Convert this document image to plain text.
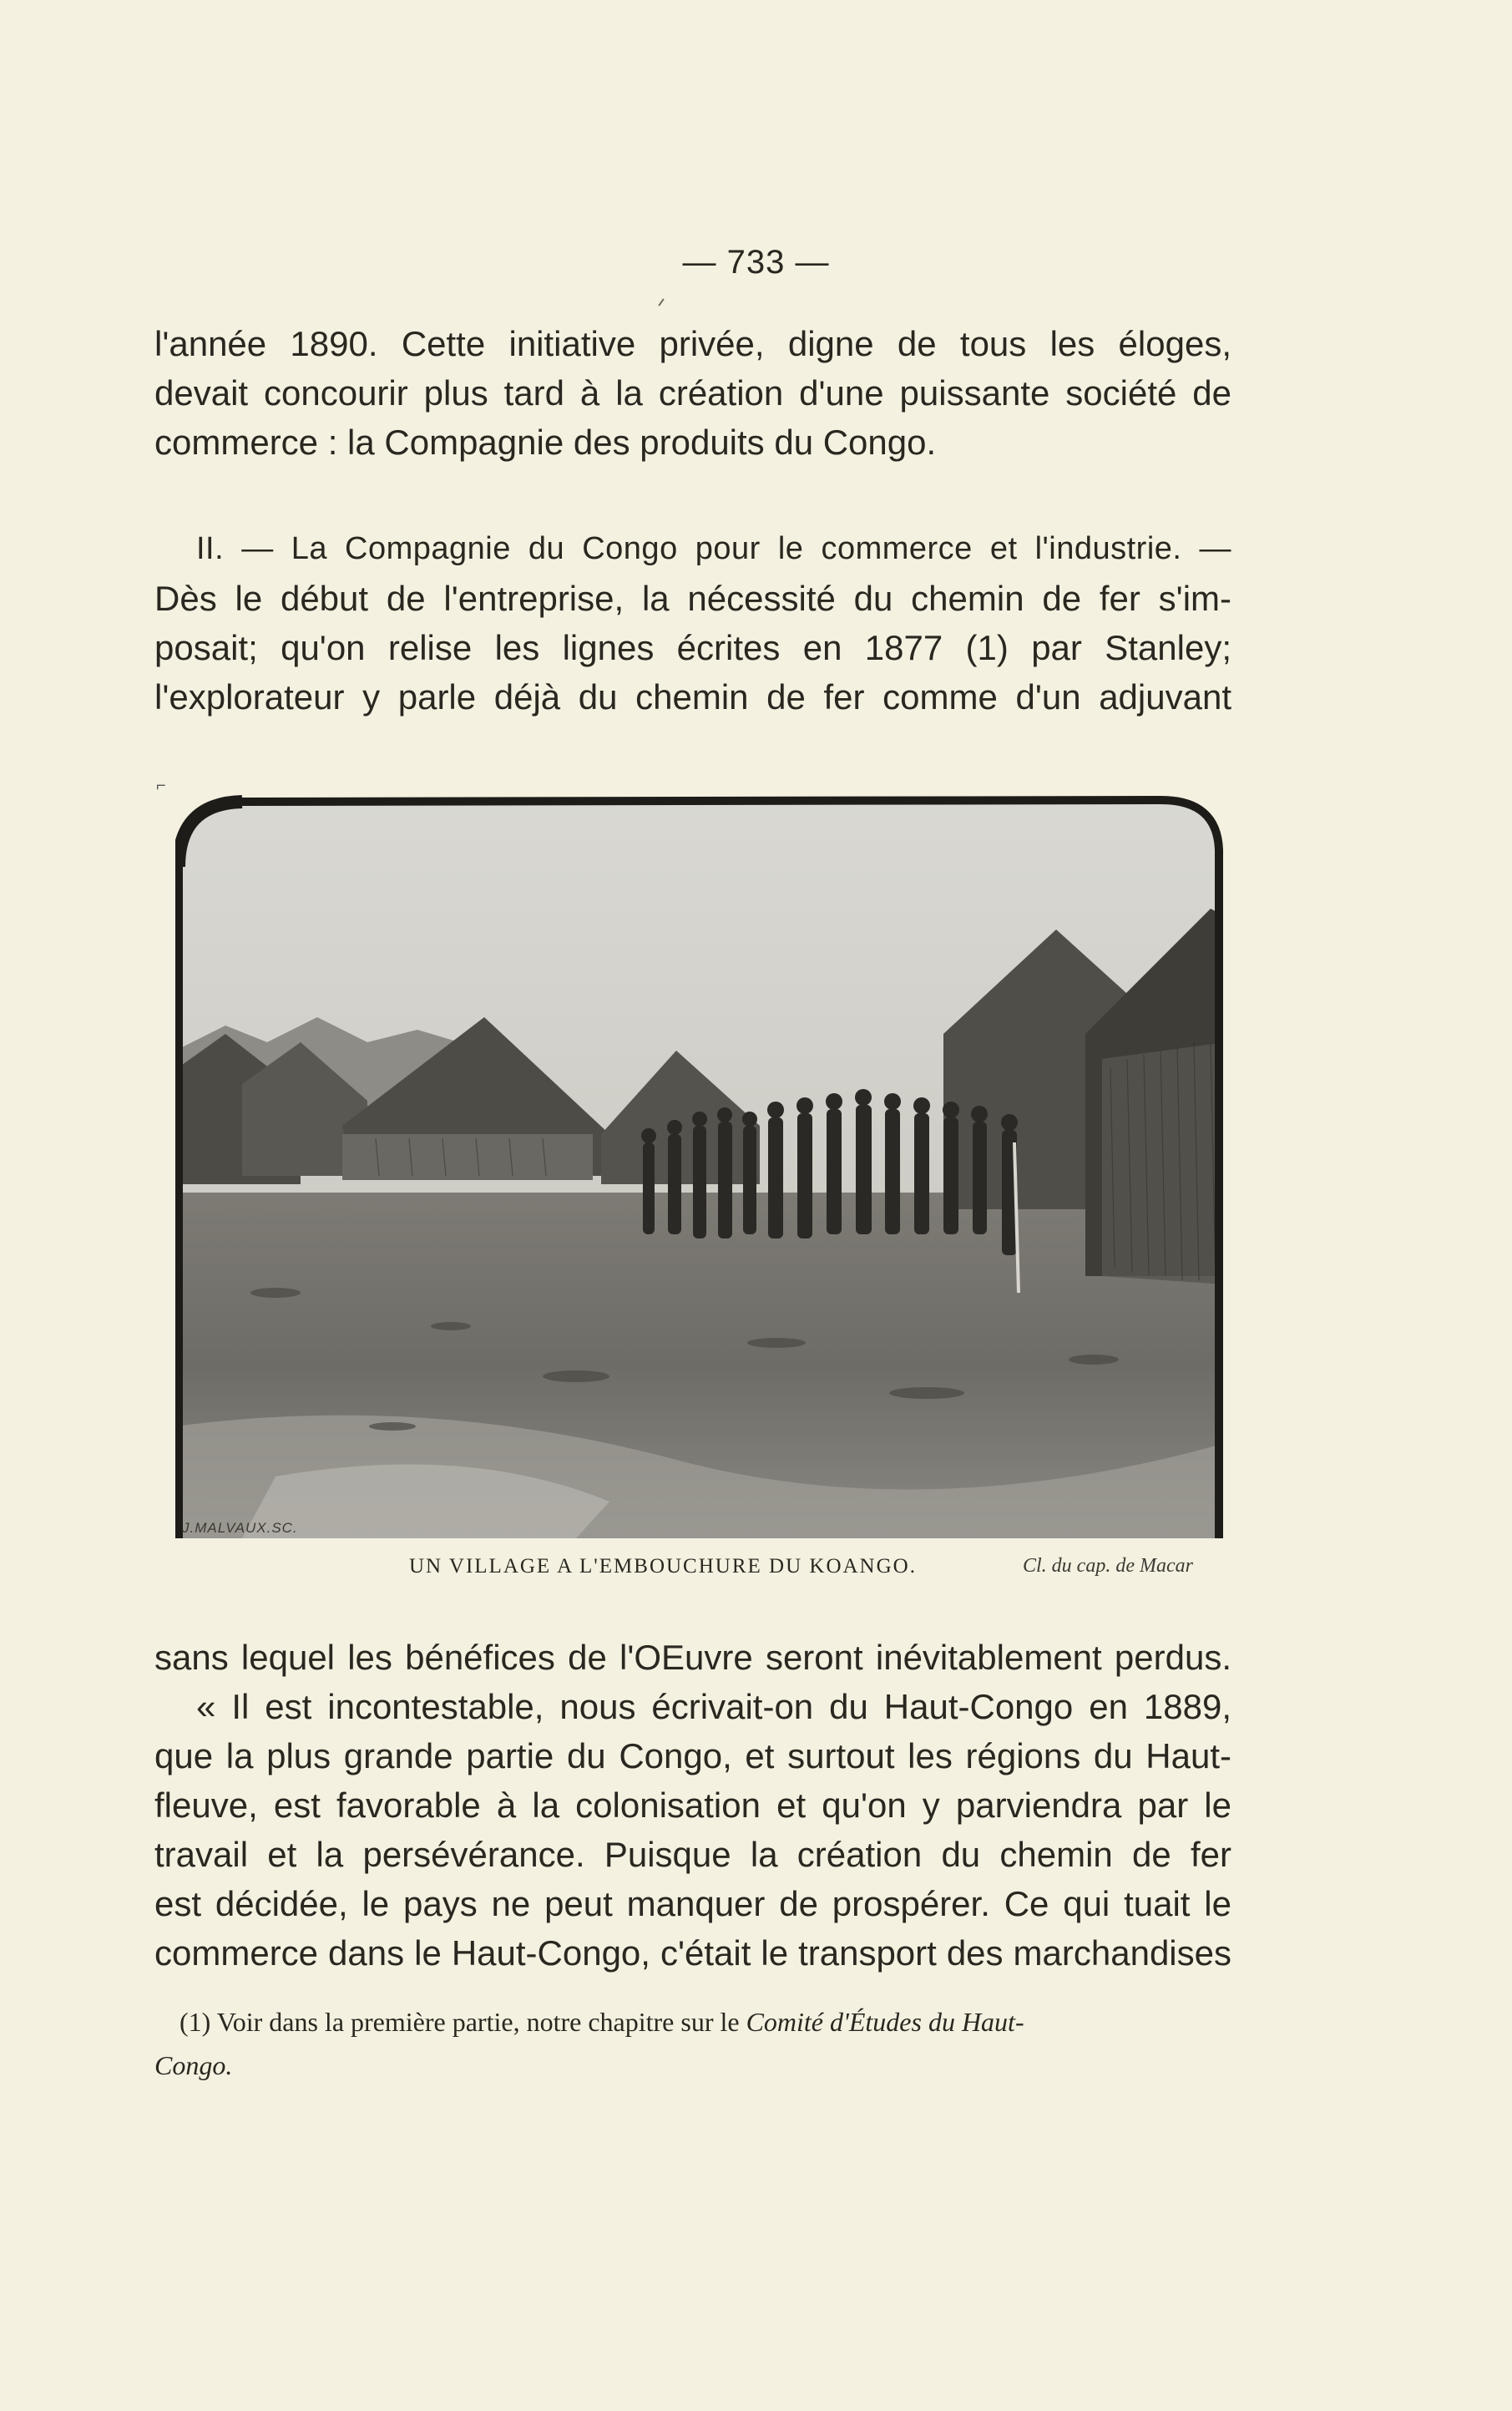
— 733 —
l'année 1890. Cette initiative privée, digne de tous les éloges,
devait concourir plus tard à la création d'une puissante société de
commerce : la Compagnie des produits du Congo.
II. — La Compagnie du Congo pour le commerce et l'industrie. —
Dès le début de l'entreprise, la nécessité du chemin de fer s'im-
posait; qu'on relise les lignes écrites en 1877 (1) par Stanley;
l'explorateur y parle déjà du chemin de fer comme d'un adjuvant
⌐
J.MALVAUX.SC.
UN VILLAGE A L'EMBOUCHURE DU KOANGO.	Cl. du cap. de Macar
sans lequel les bénéfices de l'OEuvre seront inévitablement perdus.
« Il est incontestable, nous écrivait-on du Haut-Congo en 1889,
que la plus grande partie du Congo, et surtout les régions du Haut-
fleuve, est favorable à la colonisation et qu'on y parviendra par le
travail et la persévérance. Puisque la création du chemin de fer
est décidée, le pays ne peut manquer de prospérer. Ce qui tuait le
commerce dans le Haut-Congo, c'était le transport des marchandises
(1) Voir dans la première partie, notre chapitre sur le Comité d'Études du Haut-
Congo.
